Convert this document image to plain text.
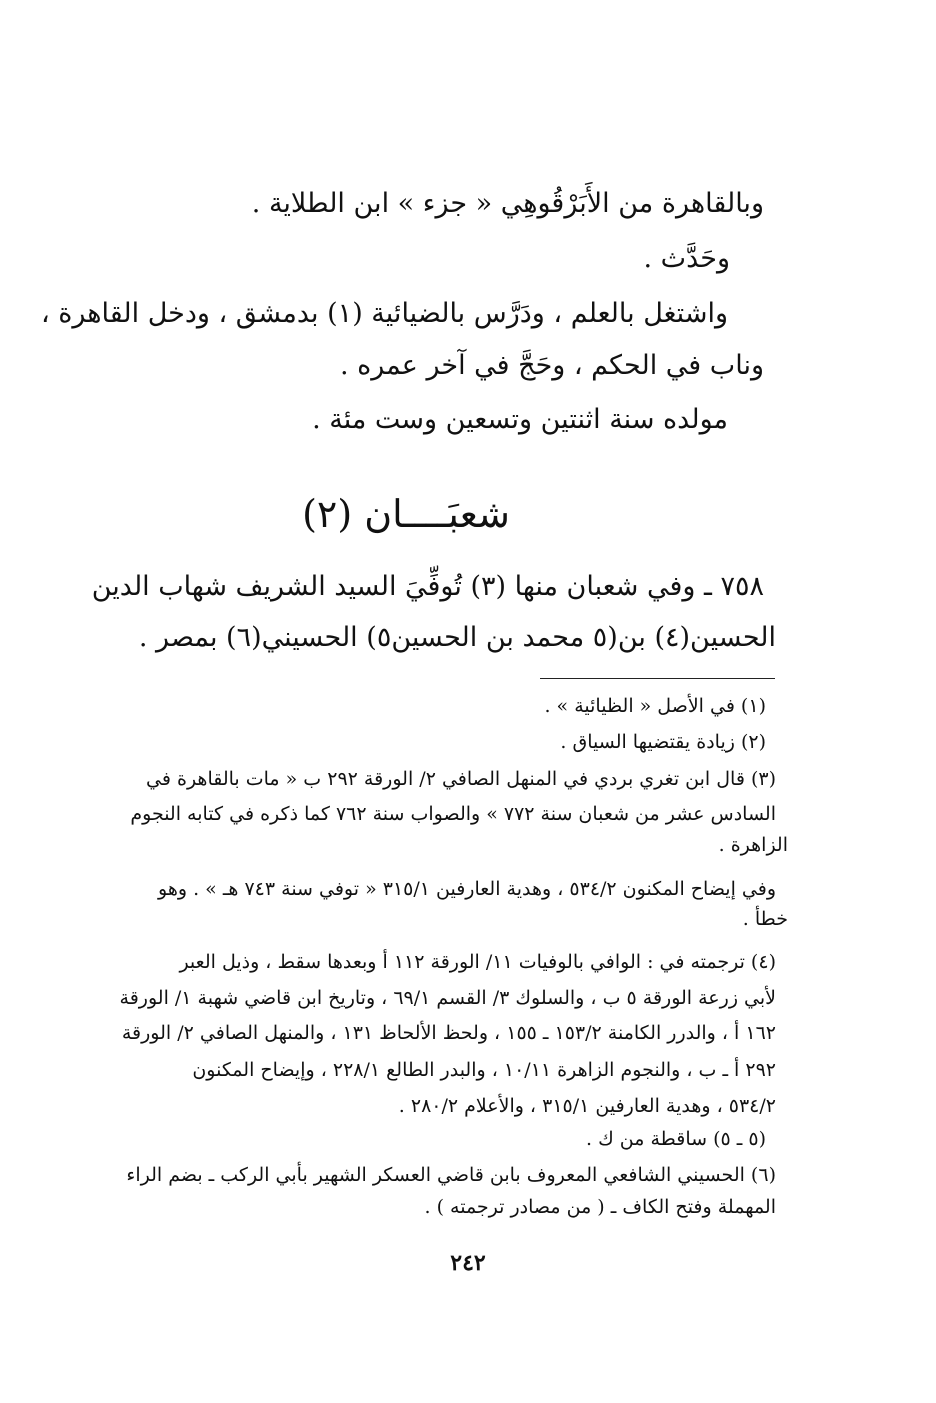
وبالقاهرة من الأَبَرْقُوهِي « جزء » ابن الطلاية .
وحَدَّث .
واشتغل بالعلم ، ودَرَّس بالضيائية (١) بدمشق ، ودخل القاهرة ،
وناب في الحكم ، وحَجَّ في آخر عمره .
مولده سنة اثنتين وتسعين وست مئة .
شعبَــــان (٢)
٧٥٨ ـ وفي شعبان منها (٣) تُوفِّيَ السيد الشريف شهاب الدين
الحسين(٤) بن(٥ محمد بن الحسين٥) الحسيني(٦) بمصر .
(١) في الأصل « الظيائية » .
(٢) زيادة يقتضيها السياق .
(٣) قال ابن تغري بردي في المنهل الصافي ٢/ الورقة ٢٩٢ ب « مات بالقاهرة في
السادس عشر من شعبان سنة ٧٧٢ » والصواب سنة ٧٦٢ كما ذكره في كتابه النجوم
الزاهرة .
وفي إيضاح المكنون ٥٣٤/٢ ، وهدية العارفين ٣١٥/١ « توفي سنة ٧٤٣ هـ » . وهو
خطأ .
(٤) ترجمته في : الوافي بالوفيات ١١/ الورقة ١١٢ أ وبعدها سقط ، وذيل العبر
لأبي زرعة الورقة ٥ ب ، والسلوك ٣/ القسم ٦٩/١ ، وتاريخ ابن قاضي شهبة ١/ الورقة
١٦٢ أ ، والدرر الكامنة ١٥٣/٢ ـ ١٥٥ ، ولحظ الألحاظ ١٣١ ، والمنهل الصافي ٢/ الورقة
٢٩٢ أ ـ ب ، والنجوم الزاهرة ١٠/١١ ، والبدر الطالع ٢٢٨/١ ، وإيضاح المكنون
٥٣٤/٢ ، وهدية العارفين ٣١٥/١ ، والأعلام ٢٨٠/٢ .
(٥ ـ ٥) ساقطة من ك .
(٦) الحسيني الشافعي المعروف بابن قاضي العسكر الشهير بأبي الركب ـ بضم الراء
المهملة وفتح الكاف ـ ( من مصادر ترجمته ) .
٢٤٢
